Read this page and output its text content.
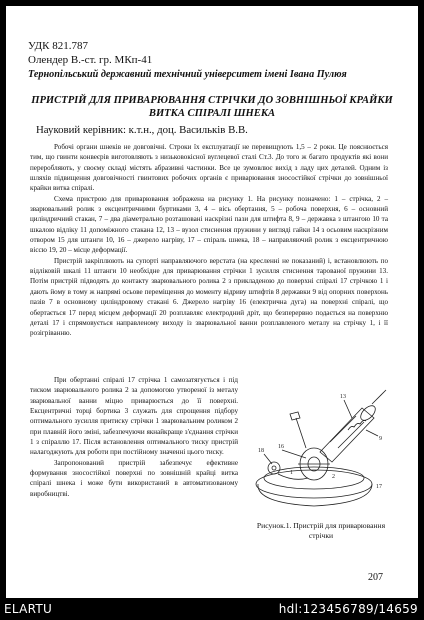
УДК 821.787
Олендер В.-ст. гр. МКп-41
Тернопільський державний технічний університет імені Івана Пулюя
ПРИСТРІЙ ДЛЯ ПРИВАРЮВАННЯ СТРІЧКИ ДО ЗОВНІШНЬОЇ КРАЙКИ ВИТКА СПІРАЛІ ШНЕКА
Науковий керівник: к.т.н., доц. Васильків В.В.

Робочі органи шнеків не довговічні. Строки їх експлуатації не перевищують 1,5 – 2 роки. Це пояснюється тим, що гвинти конвеєрів виготовляють з низьковокісної вуглецевої сталі Ст.3. До того ж багато продуктів які вони переробляють, у своєму складі містять абразивні частинки. Все це зумовлює вихід з ладу цих деталей. Одним із шляхів підвищення довговічності гвинтових робочих органів є приварювання зносостійкої стрічки до зовнішньої крайки витка спіралі.

Схема пристрою для приварювання зображена на рисунку 1. На рисунку позначено: 1 – стрічка, 2 – зварювальний ролик з ексцентричними буртиками 3, 4 – вісь обертання, 5 – робоча поверхня, 6 – основний циліндричний стакан, 7 – два діаметрально розташовані наскрізні пази для штифта 8, 9 – державка з штангою 10 та шкалою відліку 11 допоміжного стакана 12, 13 – вузол стиснення пружини у вигляді гайки 14 з осьовим наскрізним отвором 15 для штанги 10, 16 – джерело нагріву, 17 – спіраль шнека, 18 – направляючий ролик з ексцентричною віссю 19, 20 – місце деформації.

Пристрій закріплюють на супорті направляючого верстата (на кресленні не показаний) і, встановлюють по відліковій шкалі 11 штанги 10 необхідне для приварювання стрічки 1 зусилля стиснення тарованої пружини 13. Потім пристрій підводять до контакту зварювального ролика 2 з прикладеною до поверхні спіралі 17 стрічкою 1 і дають йому в тому ж напрямі осьове переміщення до моменту відриву штифтів 8 державки 9 від опорних поверхонь пазів 7 в основному циліндровому стакані 6. Джерело нагріву 16 (електрична дуга) на поверхні спіралі, що обертається 17 перед місцем деформації 20 розплавляє електродний дріт, що безперервно подається на поверхню деталі 17 і спрямовується направленому виходу із зварювальної ванни розплавленого металу на стрічку 1, і її розігріванню.

При обертанні спіралі 17 стрічка 1 самозатягується і під тиском зварювального ролика 2 за допомогою утвореної із металу зварювальної ванни міцно приварюється до її поверхні. Ексцентричні торці бортика 3 служать для спрощення підбору оптимального зусилля притиску стрічки 1 зварювальним роликом 2 при плавній його зміні, забезпечуючи якнайкраще з'єднання стрічки 1 з спіраллю 17. Після встановлення оптимального тиску пристрій налагоджують для роботи при постійному значенні цього тиску.

Запропонований пристрій забезпечує ефективне формування зносостійкої поверхні по зовнішній крайці витка спіралі шнека і може бути використаний в автоматизованому виробництві.

16
13
9
18
1
2
17
Рисунок.1. Пристрій для приварювання стрічки
207
ELARTU	hdl:123456789/14659
